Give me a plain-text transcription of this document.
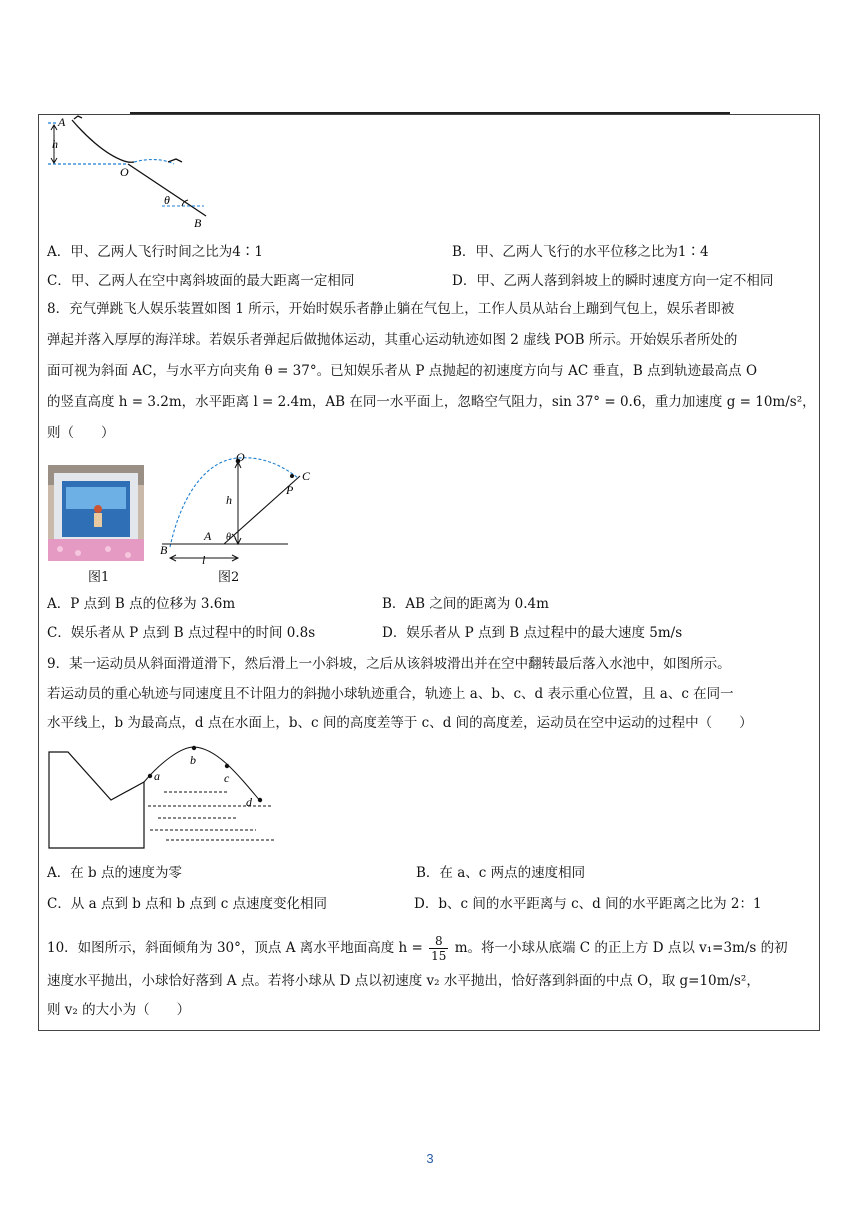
A
h
O
θ
B
A．甲、乙两人飞行时间之比为4∶1	B．甲、乙两人飞行的水平位移之比为1∶4
C．甲、乙两人在空中离斜坡面的最大距离一定相同	D．甲、乙两人落到斜坡上的瞬时速度方向一定不相同
8．充气弹跳飞人娱乐装置如图 1 所示，开始时娱乐者静止躺在气包上，工作人员从站台上蹦到气包上，娱乐者即被
弹起并落入厚厚的海洋球。若娱乐者弹起后做抛体运动，其重心运动轨迹如图 2 虚线 POB 所示。开始娱乐者所处的
面可视为斜面 AC，与水平方向夹角 θ = 37°。已知娱乐者从 P 点抛起的初速度方向与 AC 垂直，B 点到轨迹最高点 O
的竖直高度 h = 3.2m，水平距离 l = 2.4m，AB 在同一水平面上，忽略空气阻力，sin 37° = 0.6，重力加速度 g = 10m/s²，
则（　　）
图1
O
C
P
h
A θ
B
l
图2
A．P 点到 B 点的位移为 3.6m	B．AB 之间的距离为 0.4m
C．娱乐者从 P 点到 B 点过程中的时间 0.8s	D．娱乐者从 P 点到 B 点过程中的最大速度 5m/s
9．某一运动员从斜面滑道滑下，然后滑上一小斜坡，之后从该斜坡滑出并在空中翻转最后落入水池中，如图所示。
若运动员的重心轨迹与同速度且不计阻力的斜抛小球轨迹重合，轨迹上 a、b、c、d 表示重心位置，且 a、c 在同一
水平线上，b 为最高点，d 点在水面上，b、c 间的高度差等于 c、d 间的高度差，运动员在空中运动的过程中（　　）
a
b
c
d
A．在 b 点的速度为零	B．在 a、c 两点的速度相同
C．从 a 点到 b 点和 b 点到 c 点速度变化相同	D．b、c 间的水平距离与 c、d 间的水平距离之比为 2：1
10．如图所示，斜面倾角为 30°，顶点 A 离水平地面高度 $h = \frac{8}{15}$ m。将一小球从底端 C 的正上方 D 点以 v₁=3m/s 的初
速度水平抛出，小球恰好落到 A 点。若将小球从 D 点以初速度 v₂ 水平抛出，恰好落到斜面的中点 O，取 g=10m/s²，
则 v₂ 的大小为（　　）
3
